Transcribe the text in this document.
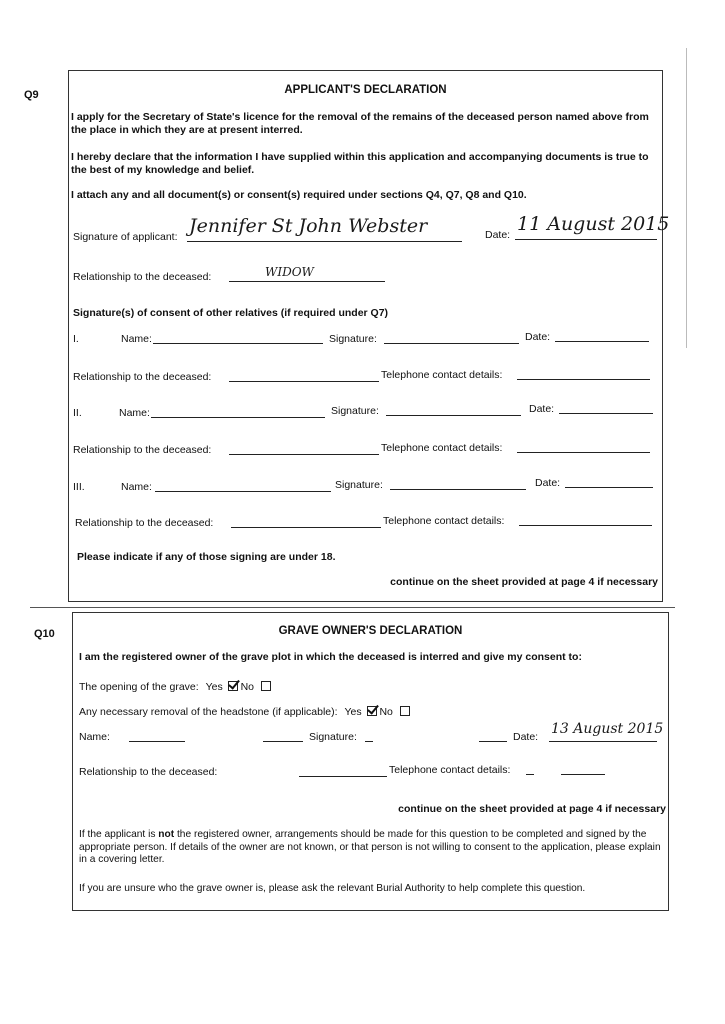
Q9	APPLICANT'S DECLARATION
I apply for the Secretary of State's licence for the removal of the remains of the deceased person named above from the place in which they are at present interred.
I hereby declare that the information I have supplied within this application and accompanying documents is true to the best of my knowledge and belief.
I attach any and all document(s) or consent(s) required under sections Q4, Q7, Q8 and Q10.
Signature of applicant: Jennifer St John Webster	Date: 11 August 2015
Relationship to the deceased:	WIDOW
Signature(s) of consent of other relatives (if required under Q7)
I.	Name:	Signature:	Date:
Relationship to the deceased:	Telephone contact details:
II.	Name:	Signature:	Date:
Relationship to the deceased:	Telephone contact details:
III.	Name:	Signature:	Date:
Relationship to the deceased:	Telephone contact details:
Please indicate if any of those signing are under 18.
continue on the sheet provided at page 4 if necessary
Q10	GRAVE OWNER'S DECLARATION
I am the registered owner of the grave plot in which the deceased is interred and give my consent to:
The opening of the grave: Yes No
Any necessary removal of the headstone (if applicable): Yes No
Name:	Signature:	Date: 13 August 2015
Relationship to the deceased:	Telephone contact details:
continue on the sheet provided at page 4 if necessary
If the applicant is not the registered owner, arrangements should be made for this question to be completed and signed by the appropriate person. If details of the owner are not known, or that person is not willing to consent to the application, please explain in a covering letter.
If you are unsure who the grave owner is, please ask the relevant Burial Authority to help complete this question.
